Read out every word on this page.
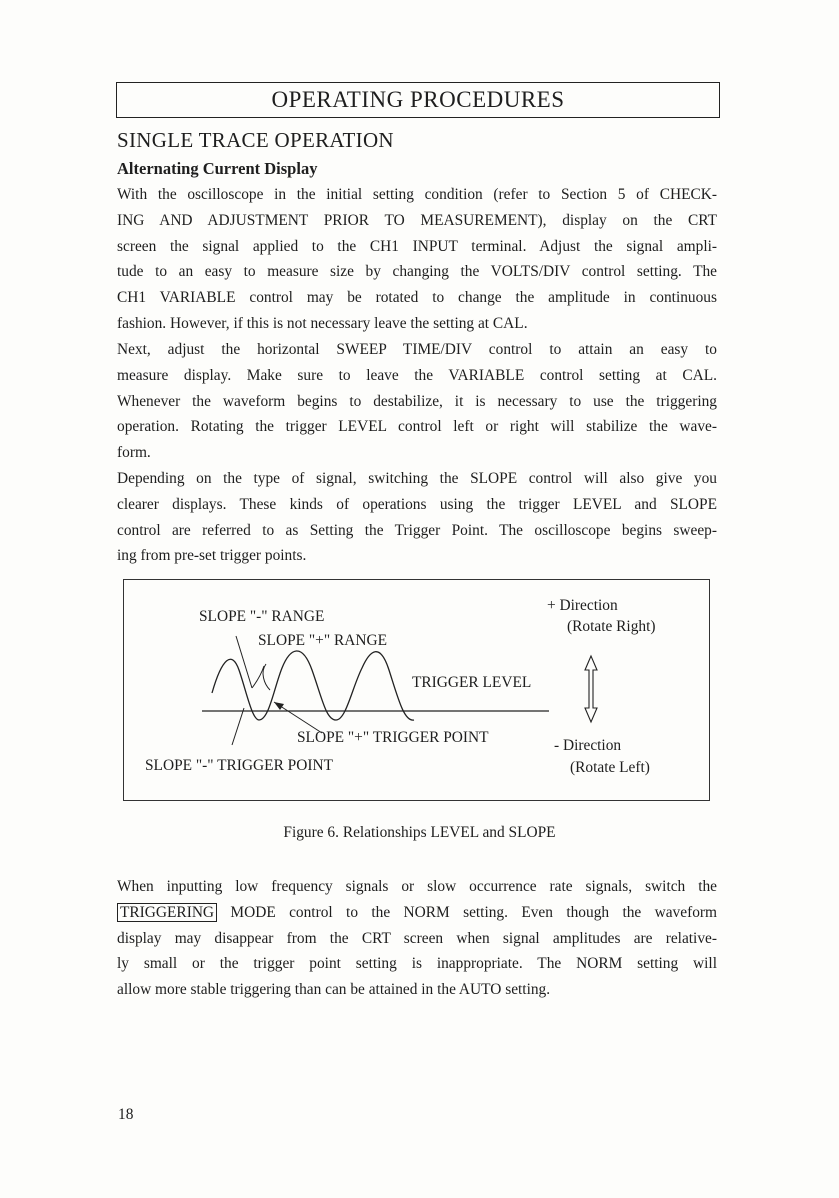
OPERATING PROCEDURES
SINGLE TRACE OPERATION
Alternating Current Display
With the oscilloscope in the initial setting condition (refer to Section 5 of CHECK-
ING AND ADJUSTMENT PRIOR TO MEASUREMENT), display on the CRT
screen the signal applied to the CH1 INPUT terminal. Adjust the signal ampli-
tude to an easy to measure size by changing the VOLTS/DIV control setting. The
CH1 VARIABLE control may be rotated to change the amplitude in continuous
fashion. However, if this is not necessary leave the setting at CAL.
Next, adjust the horizontal SWEEP TIME/DIV control to attain an easy to
measure display. Make sure to leave the VARIABLE control setting at CAL.
Whenever the waveform begins to destabilize, it is necessary to use the triggering
operation. Rotating the trigger LEVEL control left or right will stabilize the wave-
form.
Depending on the type of signal, switching the SLOPE control will also give you
clearer displays. These kinds of operations using the trigger LEVEL and SLOPE
control are referred to as Setting the Trigger Point. The oscilloscope begins sweep-
ing from pre-set trigger points.
SLOPE "-" RANGE
SLOPE "+" RANGE
TRIGGER LEVEL
SLOPE "+" TRIGGER POINT
SLOPE "-" TRIGGER POINT
+ Direction
(Rotate Right)
- Direction
(Rotate Left)
Figure 6. Relationships LEVEL and SLOPE
When inputting low frequency signals or slow occurrence rate signals, switch the
TRIGGERING MODE control to the NORM setting. Even though the waveform
display may disappear from the CRT screen when signal amplitudes are relative-
ly small or the trigger point setting is inappropriate. The NORM setting will
allow more stable triggering than can be attained in the AUTO setting.
18
